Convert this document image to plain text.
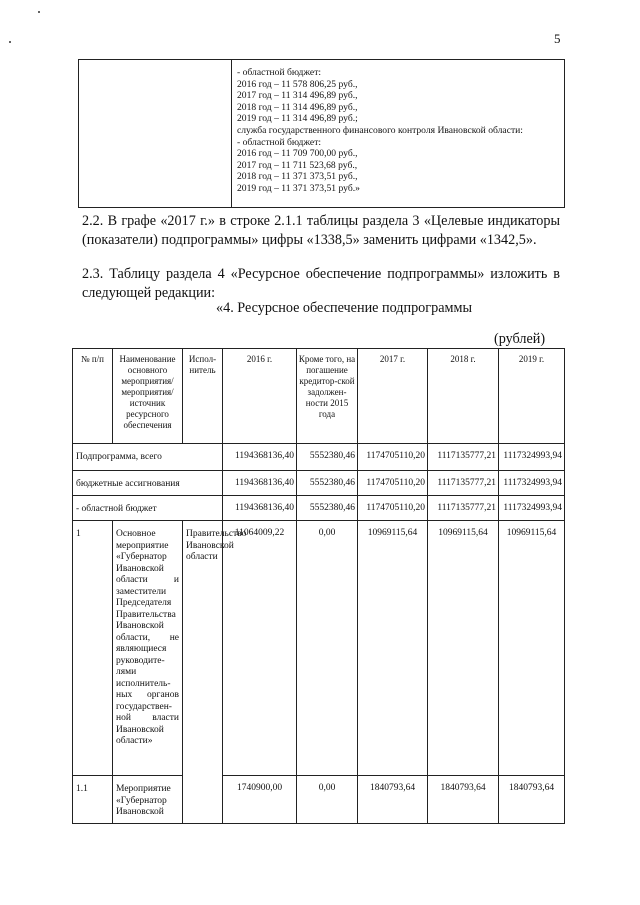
5

- областной бюджет:
2016 год – 11 578 806,25 руб.,
2017 год – 11 314 496,89 руб.,
2018 год – 11 314 496,89 руб.,
2019 год – 11 314 496,89 руб.;
служба государственного финансового контроля Ивановской области:
- областной бюджет:
2016 год – 11 709 700,00 руб.,
2017 год – 11 711 523,68 руб.,
2018 год – 11 371 373,51 руб.,
2019 год – 11 371 373,51 руб.»

2.2. В графе «2017 г.» в строке 2.1.1 таблицы раздела 3 «Целевые индикаторы (показатели) подпрограммы» цифры «1338,5» заменить цифрами «1342,5».

2.3. Таблицу раздела 4 «Ресурсное обеспечение подпрограммы» изложить в следующей редакции:

«4. Ресурсное обеспечение подпрограммы

(рублей)
№ п/п	Наименование основного мероприятия/ мероприятия/ источник ресурсного обеспечения	Испол-нитель	2016 г.	Кроме того, на погашение кредитор-ской задолжен-ности 2015 года	2017 г.	2018 г.	2019 г.
Подпрограмма, всего			1194368136,40	5552380,46	1174705110,20	1117135777,21	1117324993,94
бюджетные ассигнования			1194368136,40	5552380,46	1174705110,20	1117135777,21	1117324993,94
- областной бюджет			1194368136,40	5552380,46	1174705110,20	1117135777,21	1117324993,94
1	Основное мероприятие «Губернатор Ивановской области и заместители Председателя Правительства Ивановской области, не являющиеся руководите-лями исполнитель-ных органов государствен-ной власти Ивановской области»	Правительство Ивановской области	11064009,22	0,00	10969115,64	10969115,64	10969115,64
1.1	Мероприятие «Губернатор Ивановской		1740900,00	0,00	1840793,64	1840793,64	1840793,64
